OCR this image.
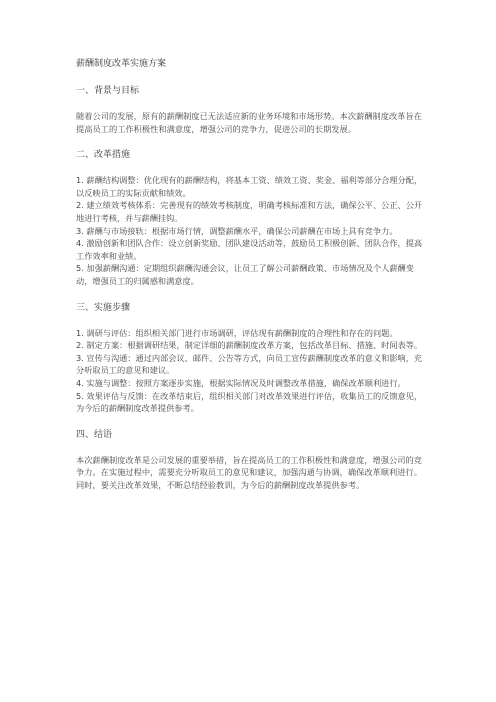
薪酬制度改革实施方案
一、背景与目标

随着公司的发展，原有的薪酬制度已无法适应新的业务环境和市场形势。本次薪酬制度改革旨在提高员工的工作积极性和满意度，增强公司的竞争力，促进公司的长期发展。

二、改革措施

1. 薪酬结构调整：优化现有的薪酬结构，将基本工资、绩效工资、奖金、福利等部分合理分配，以反映员工的实际贡献和绩效。

2. 建立绩效考核体系：完善现有的绩效考核制度，明确考核标准和方法，确保公平、公正、公开地进行考核，并与薪酬挂钩。

3. 薪酬与市场接轨：根据市场行情，调整薪酬水平，确保公司薪酬在市场上具有竞争力。

4. 激励创新和团队合作：设立创新奖励、团队建设活动等，鼓励员工积极创新、团队合作，提高工作效率和业绩。

5. 加强薪酬沟通：定期组织薪酬沟通会议，让员工了解公司薪酬政策、市场情况及个人薪酬变动，增强员工的归属感和满意度。

三、实施步骤

1. 调研与评估：组织相关部门进行市场调研，评估现有薪酬制度的合理性和存在的问题。

2. 制定方案：根据调研结果，制定详细的薪酬制度改革方案，包括改革目标、措施、时间表等。

3. 宣传与沟通：通过内部会议、邮件、公告等方式，向员工宣传薪酬制度改革的意义和影响，充分听取员工的意见和建议。

4. 实施与调整：按照方案逐步实施，根据实际情况及时调整改革措施，确保改革顺利进行。

5. 效果评估与反馈：在改革结束后，组织相关部门对改革效果进行评估，收集员工的反馈意见，为今后的薪酬制度改革提供参考。

四、结语

本次薪酬制度改革是公司发展的重要举措，旨在提高员工的工作积极性和满意度，增强公司的竞争力。在实施过程中，需要充分听取员工的意见和建议，加强沟通与协调，确保改革顺利进行。同时，要关注改革效果，不断总结经验教训，为今后的薪酬制度改革提供参考。
